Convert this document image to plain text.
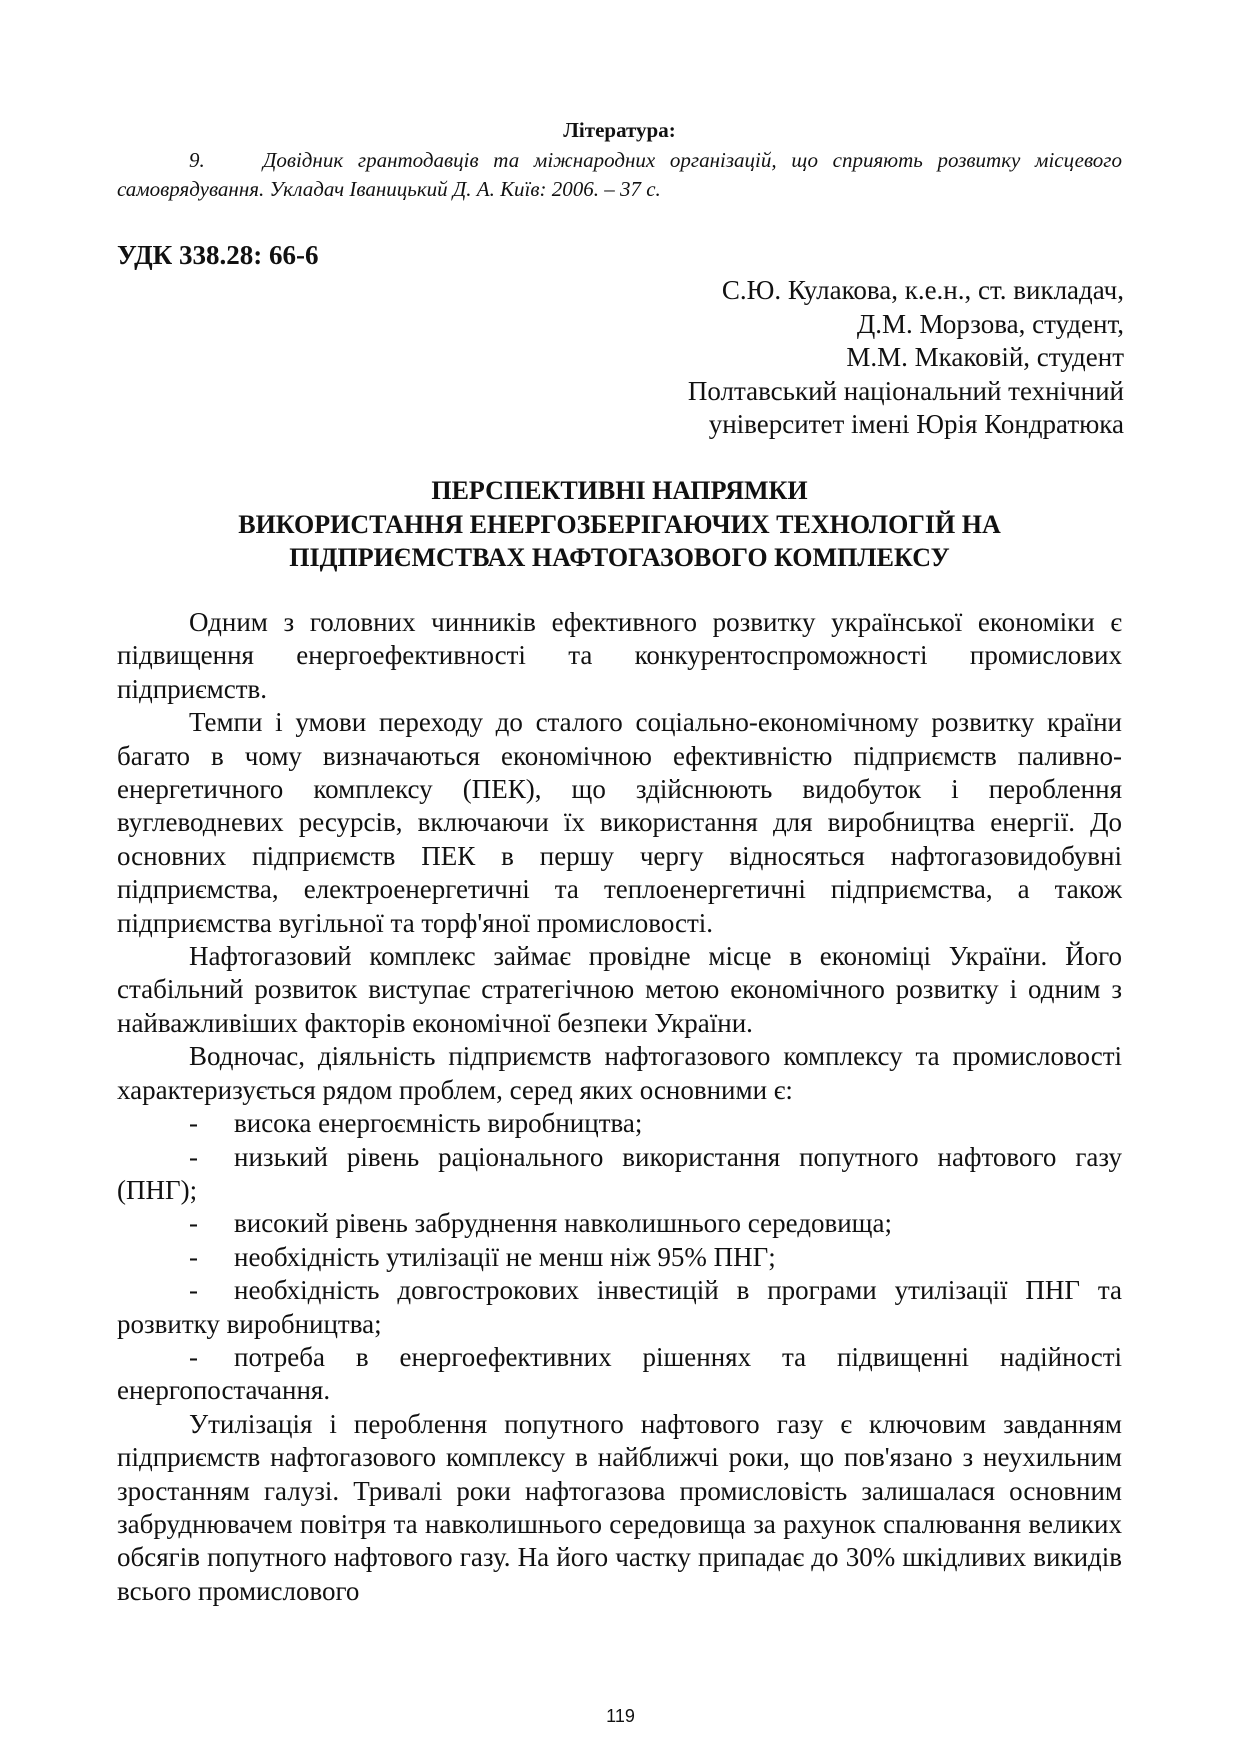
Література:
9.	Довідник грантодавців та міжнародних організацій, що сприяють розвитку місцевого самоврядування. Укладач Іваницький Д. А. Київ: 2006. – 37 с.
УДК 338.28: 66-6
С.Ю. Кулакова, к.е.н., ст. викладач,
Д.М. Морзова, студент,
М.М. Мкаковій, студент
Полтавський національний технічний
університет імені Юрія Кондратюка
ПЕРСПЕКТИВНІ НАПРЯМКИ
ВИКОРИСТАННЯ ЕНЕРГОЗБЕРІГАЮЧИХ ТЕХНОЛОГІЙ НА
ПІДПРИЄМСТВАХ НАФТОГАЗОВОГО КОМПЛЕКСУ

Одним з головних чинників ефективного розвитку української економіки є підвищення енергоефективності та конкурентоспроможності промислових підприємств.

Темпи і умови переходу до сталого соціально-економічному розвитку країни багато в чому визначаються економічною ефективністю підприємств паливно-енергетичного комплексу (ПЕК), що здійснюють видобуток і пероблення вуглеводневих ресурсів, включаючи їх використання для виробництва енергії. До основних підприємств ПЕК в першу чергу відносяться нафтогазовидобувні підприємства, електроенергетичні та теплоенергетичні підприємства, а також підприємства вугільної та торф'яної промисловості.

Нафтогазовий комплекс займає провідне місце в економіці України. Його стабільний розвиток виступає стратегічною метою економічного розвитку і одним з найважливіших факторів економічної безпеки України.

Водночас, діяльність підприємств нафтогазового комплексу та промисловості характеризується рядом проблем, серед яких основними є:

- висока енергоємність виробництва;

- низький рівень раціонального використання попутного нафтового газу (ПНГ);

- високий рівень забруднення навколишнього середовища;

- необхідність утилізації не менш ніж 95% ПНГ;

- необхідність довгострокових інвестицій в програми утилізації ПНГ та розвитку виробництва;

- потреба в енергоефективних рішеннях та підвищенні надійності енергопостачання.

Утилізація і пероблення попутного нафтового газу є ключовим завданням підприємств нафтогазового комплексу в найближчі роки, що пов'язано з неухильним зростанням галузі. Тривалі роки нафтогазова промисловість залишалася основним забруднювачем повітря та навколишнього середовища за рахунок спалювання великих обсягів попутного нафтового газу. На його частку припадає до 30% шкідливих викидів всього промислового

119
